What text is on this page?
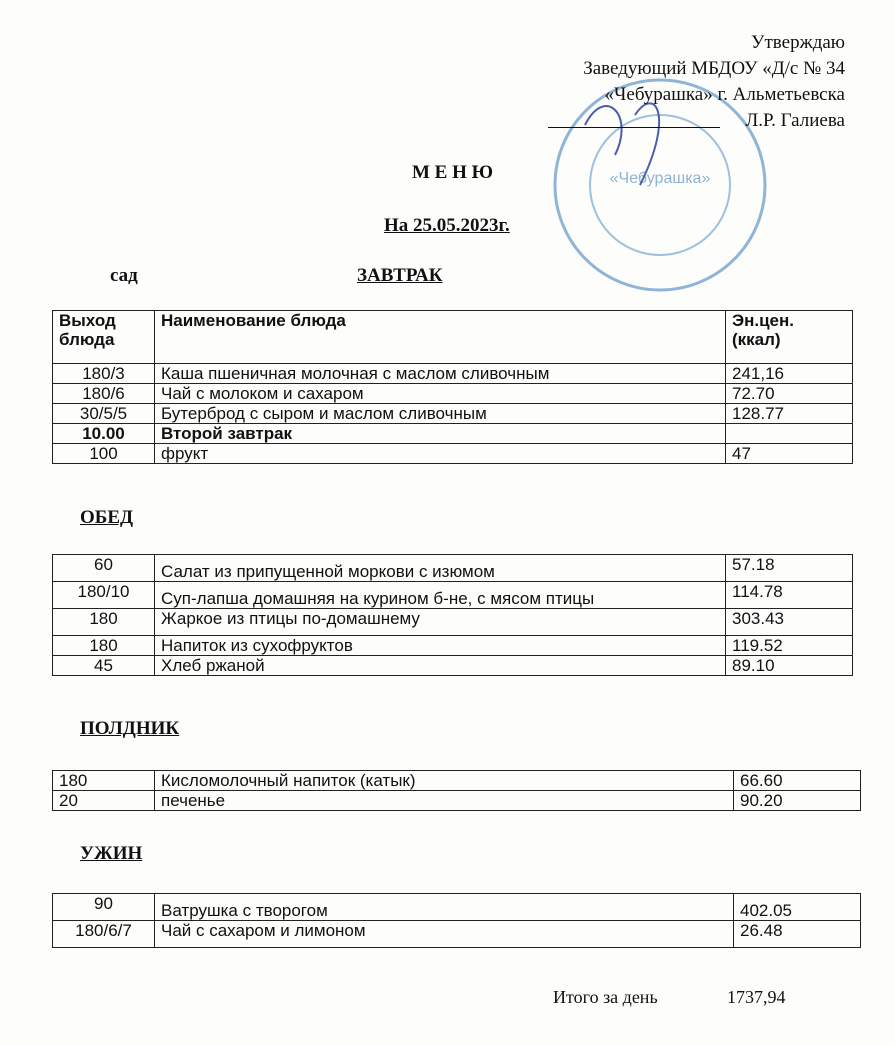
«Чебурашка»
Утверждаю
Заведующий МБДОУ «Д/с № 34
«Чебурашка» г. Альметьевска
Л.Р. Галиева
М Е Н Ю
На 25.05.2023г.
сад	ЗАВТРАК
Выход блюда	Наименование блюда	Эн.цен. (ккал)
180/3	Каша пшеничная молочная с маслом сливочным	241,16
180/6	Чай с молоком и сахаром	72.70
30/5/5	Бутерброд с сыром и маслом сливочным	128.77
10.00	Второй завтрак	
100	фрукт	47
ОБЕД
60	Салат из припущенной моркови с изюмом	57.18
180/10	Суп-лапша домашняя на курином б-не, с мясом птицы	114.78
180	Жаркое из птицы по-домашнему	303.43
180	Напиток из сухофруктов	119.52
45	Хлеб ржаной	89.10
ПОЛДНИК
180	Кисломолочный напиток (катык)	66.60
20	печенье	90.20
УЖИН
90	Ватрушка с творогом	402.05
180/6/7	Чай с сахаром и лимоном	26.48
Итого за день	1737,94
